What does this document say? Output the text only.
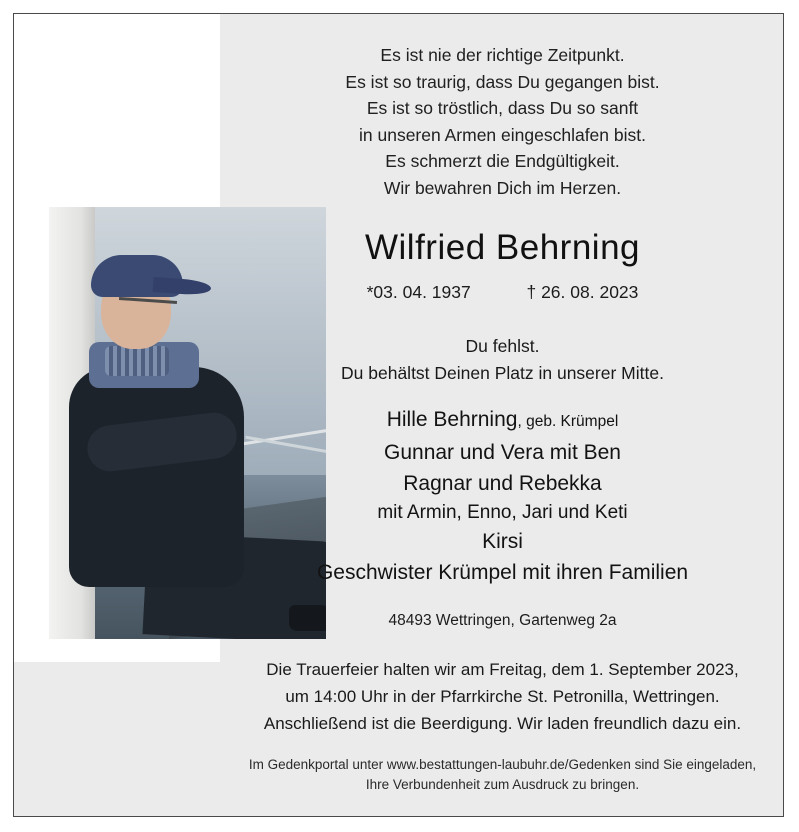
Es ist nie der richtige Zeitpunkt.
Es ist so traurig, dass Du gegangen bist.
Es ist so tröstlich, dass Du so sanft
in unseren Armen eingeschlafen bist.
Es schmerzt die Endgültigkeit.
Wir bewahren Dich im Herzen.
Wilfried Behrning
*03. 04. 1937	† 26. 08. 2023
Du fehlst.
Du behältst Deinen Platz in unserer Mitte.
Hille Behrning, geb. Krümpel
Gunnar und Vera mit Ben
Ragnar und Rebekka
mit Armin, Enno, Jari und Keti
Kirsi
Geschwister Krümpel mit ihren Familien
48493 Wettringen, Gartenweg 2a
Die Trauerfeier halten wir am Freitag, dem 1. September 2023,
um 14:00 Uhr in der Pfarrkirche St. Petronilla, Wettringen.
Anschließend ist die Beerdigung. Wir laden freundlich dazu ein.
Im Gedenkportal unter www.bestattungen-laubuhr.de/Gedenken sind Sie eingeladen,
Ihre Verbundenheit zum Ausdruck zu bringen.
